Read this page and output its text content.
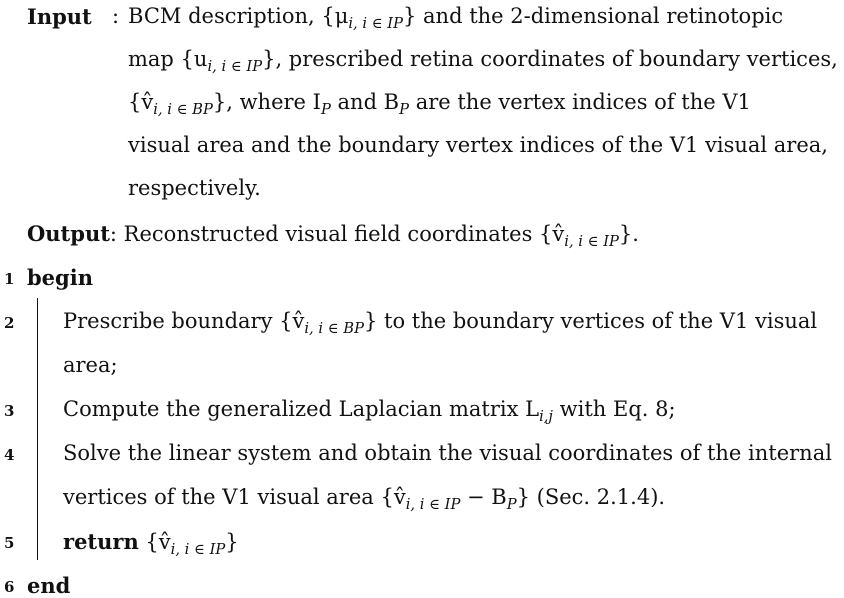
Input : BCM description, $\{\mu_{i, i \in IP}\}$ and the 2-dimensional retinotopic
map $\{u_{i, i \in IP}\}$, prescribed retina coordinates of boundary vertices,
$\{v̂_{i, i \in BP}\}$, where $I_P$ and $B_P$ are the vertex indices of the V1
visual area and the boundary vertex indices of the V1 visual area,
respectively.
Output: Reconstructed visual field coordinates $\{v̂_{i, i \in IP}\}$.
1 begin
2 Prescribe boundary $\{v̂_{i, i \in BP}\}$ to the boundary vertices of the V1 visual
area;
3 Compute the generalized Laplacian matrix $L_{i,j}$ with Eq. 8;
4 Solve the linear system and obtain the visual coordinates of the internal
vertices of the V1 visual area $\{v̂_{i, i \in IP} - B_P\}$ (Sec. 2.1.4).
5 return $\{v̂_{i, i \in IP}\}$
6 end
